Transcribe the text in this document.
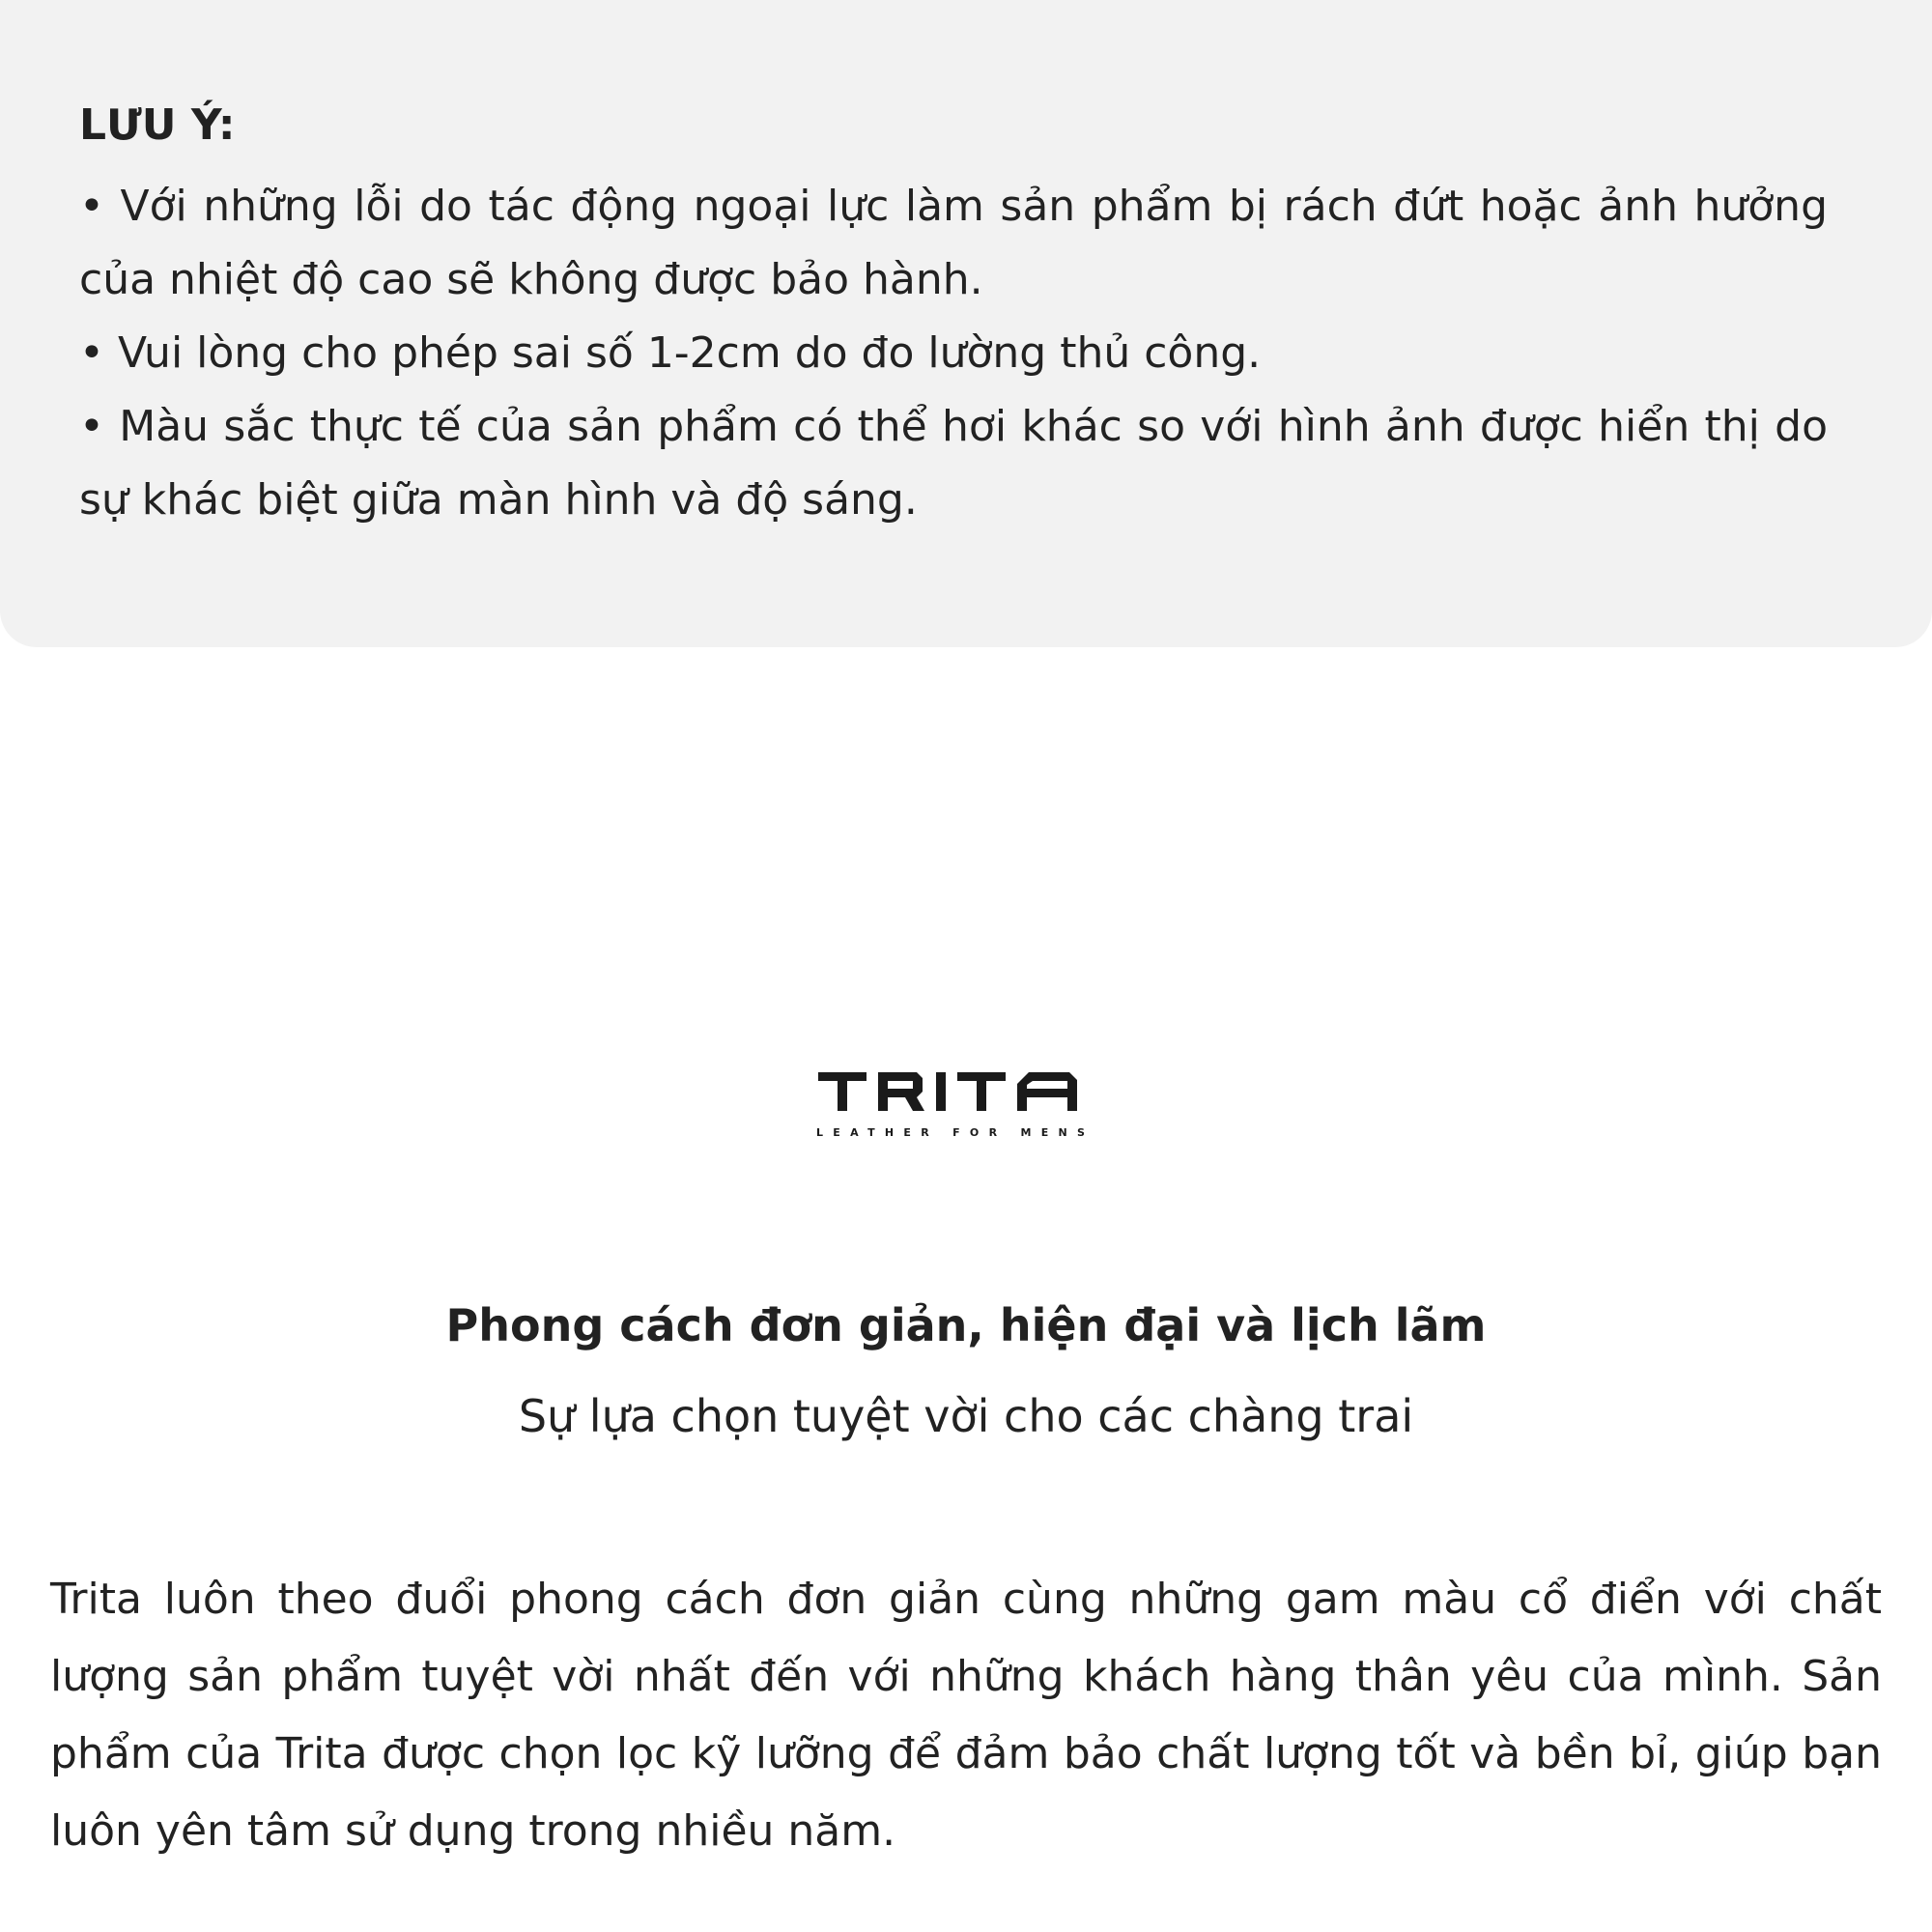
LƯU Ý:

• Với những lỗi do tác động ngoại lực làm sản phẩm bị rách đứt hoặc ảnh hưởng của nhiệt độ cao sẽ không được bảo hành.

• Vui lòng cho phép sai số 1-2cm do đo lường thủ công.

• Màu sắc thực tế của sản phẩm có thể hơi khác so với hình ảnh được hiển thị do sự khác biệt giữa màn hình và độ sáng.

LEATHER FOR MENS

Phong cách đơn giản, hiện đại và lịch lãm

Sự lựa chọn tuyệt vời cho các chàng trai

Trita luôn theo đuổi phong cách đơn giản cùng những gam màu cổ điển với chất lượng sản phẩm tuyệt vời nhất đến với những khách hàng thân yêu của mình. Sản phẩm của Trita được chọn lọc kỹ lưỡng để đảm bảo chất lượng tốt và bền bỉ, giúp bạn luôn yên tâm sử dụng trong nhiều năm.
